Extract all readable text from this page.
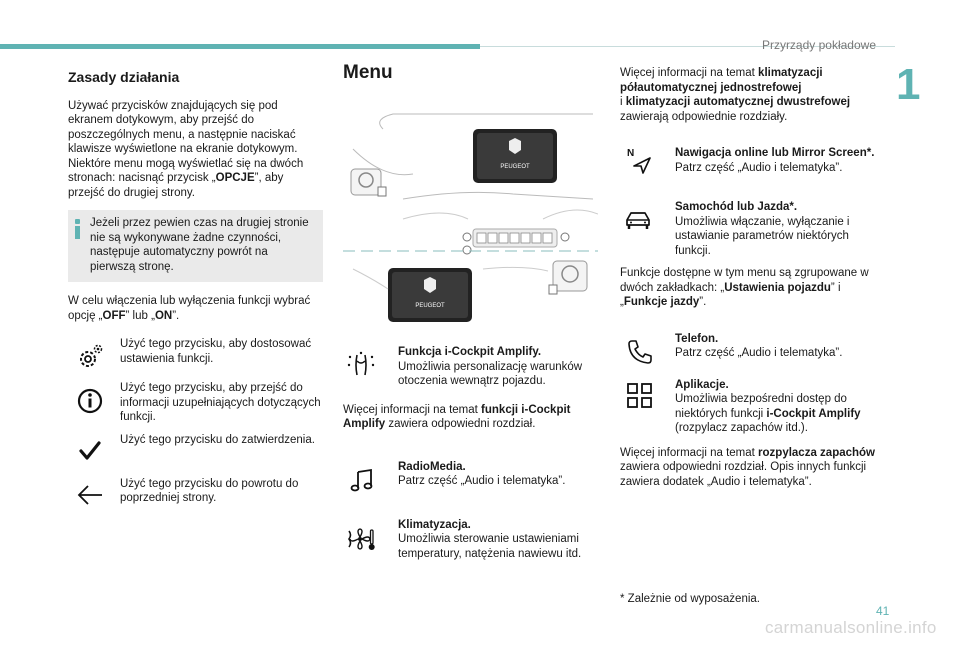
Przyrządy pokładowe
1
Zasady działania

Używać przycisków znajdujących się pod ekranem dotykowym, aby przejść do poszczególnych menu, a następnie naciskać klawisze wyświetlone na ekranie dotykowym. Niektóre menu mogą wyświetlać się na dwóch stronach: nacisnąć przycisk „OPCJE”, aby przejść do drugiej strony.

Jeżeli przez pewien czas na drugiej stronie nie są wykonywane żadne czynności, następuje automatyczny powrót na pierwszą stronę.

W celu włączenia lub wyłączenia funkcji wybrać opcję „OFF” lub „ON”.

Użyć tego przycisku, aby dostosować ustawienia funkcji.
Użyć tego przycisku, aby przejść do informacji uzupełniających dotyczących funkcji.
Użyć tego przycisku do zatwierdzenia.
Użyć tego przycisku do powrotu do poprzedniej strony.
Menu
PEUGEOT
PEUGEOT
Funkcja i-Cockpit Amplify.
Umożliwia personalizację warunków otoczenia wewnątrz pojazdu.

Więcej informacji na temat funkcji i-Cockpit Amplify zawiera odpowiedni rozdział.

RadioMedia.
Patrz część „Audio i telematyka”.
Klimatyzacja.
Umożliwia sterowanie ustawieniami temperatury, natężenia nawiewu itd.

Więcej informacji na temat klimatyzacji półautomatycznej jednostrefowej
i klimatyzacji automatycznej dwustrefowej zawierają odpowiednie rozdziały.

N	Nawigacja online lub Mirror Screen*.
Patrz część „Audio i telematyka”.
Samochód lub Jazda*.
Umożliwia włączanie, wyłączanie i ustawianie parametrów niektórych funkcji.

Funkcje dostępne w tym menu są zgrupowane w dwóch zakładkach: „Ustawienia pojazdu” i „Funkcje jazdy”.

Telefon.
Patrz część „Audio i telematyka”.
Aplikacje.
Umożliwia bezpośredni dostęp do niektórych funkcji i-Cockpit Amplify (rozpylacz zapachów itd.).

Więcej informacji na temat rozpylacza zapachów zawiera odpowiedni rozdział. Opis innych funkcji zawiera dodatek „Audio i telematyka”.

* Zależnie od wyposażenia.
41
carmanualsonline.info
